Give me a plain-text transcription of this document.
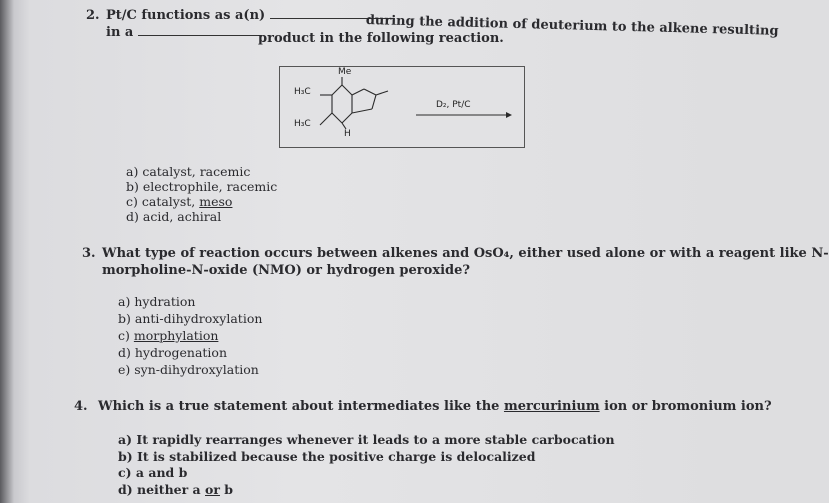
2. Pt/C functions as a(n)	during the addition of deuterium to the alkene resulting
in a	product in the following reaction.
H₃C
Me
H₃C
H
D₂, Pt/C
a) catalyst, racemic
b) electrophile, racemic
c) catalyst, meso
d) acid, achiral
3. What type of reaction occurs between alkenes and OsO₄, either used alone or with a reagent like N-
morpholine-N-oxide (NMO) or hydrogen peroxide?
a) hydration
b) anti-dihydroxylation
c) morphylation
d) hydrogenation
e) syn-dihydroxylation
4. Which is a true statement about intermediates like the mercurinium ion or bromonium ion?
a) It rapidly rearranges whenever it leads to a more stable carbocation
b) It is stabilized because the positive charge is delocalized
c) a and b
d) neither a or b
